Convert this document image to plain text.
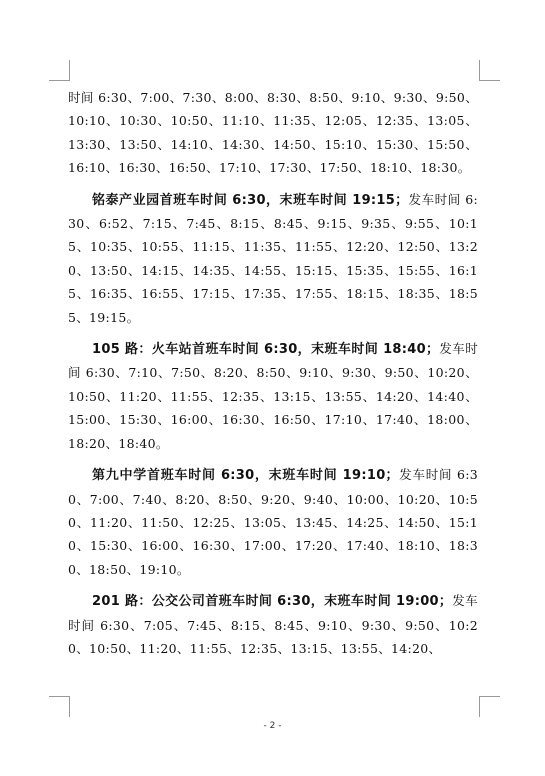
时间 6:30、7:00、7:30、8:00、8:30、8:50、9:10、9:30、9:50、10:10、10:30、10:50、11:10、11:35、12:05、12:35、13:05、13:30、13:50、14:10、14:30、14:50、15:10、15:30、15:50、16:10、16:30、16:50、17:10、17:30、17:50、18:10、18:30。

铭泰产业园首班车时间 6:30，末班车时间 19:15；发车时间 6:30、6:52、7:15、7:45、8:15、8:45、9:15、9:35、9:55、10:15、10:35、10:55、11:15、11:35、11:55、12:20、12:50、13:20、13:50、14:15、14:35、14:55、15:15、15:35、15:55、16:15、16:35、16:55、17:15、17:35、17:55、18:15、18:35、18:55、19:15。

105 路：火车站首班车时间 6:30，末班车时间 18:40；发车时间 6:30、7:10、7:50、8:20、8:50、9:10、9:30、9:50、10:20、10:50、11:20、11:55、12:35、13:15、13:55、14:20、14:40、15:00、15:30、16:00、16:30、16:50、17:10、17:40、18:00、18:20、18:40。

第九中学首班车时间 6:30，末班车时间 19:10；发车时间 6:30、7:00、7:40、8:20、8:50、9:20、9:40、10:00、10:20、10:50、11:20、11:50、12:25、13:05、13:45、14:25、14:50、15:10、15:30、16:00、16:30、17:00、17:20、17:40、18:10、18:30、18:50、19:10。

201 路：公交公司首班车时间 6:30，末班车时间 19:00；发车时间 6:30、7:05、7:45、8:15、8:45、9:10、9:30、9:50、10:20、10:50、11:20、11:55、12:35、13:15、13:55、14:20、

- 2 -
